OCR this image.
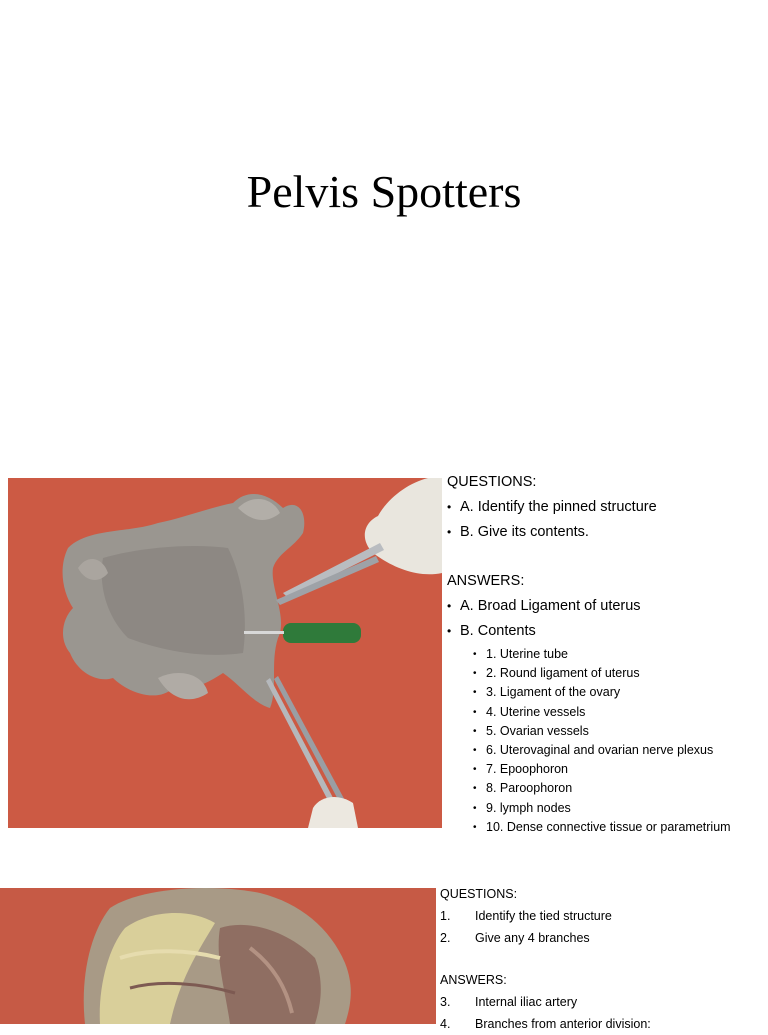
Pelvis Spotters
QUESTIONS:
• A. Identify the pinned structure
• B. Give its contents.
ANSWERS:
• A. Broad Ligament of uterus
• B. Contents
• 1. Uterine tube
• 2. Round ligament of uterus
• 3. Ligament of the ovary
• 4. Uterine vessels
• 5. Ovarian vessels
• 6. Uterovaginal and ovarian nerve plexus
• 7. Epoophoron
• 8. Paroophoron
• 9. lymph nodes
• 10. Dense connective tissue or parametrium
QUESTIONS:
1. Identify the tied structure
2. Give any 4 branches
ANSWERS:
3. Internal iliac artery
4. Branches from anterior division:
